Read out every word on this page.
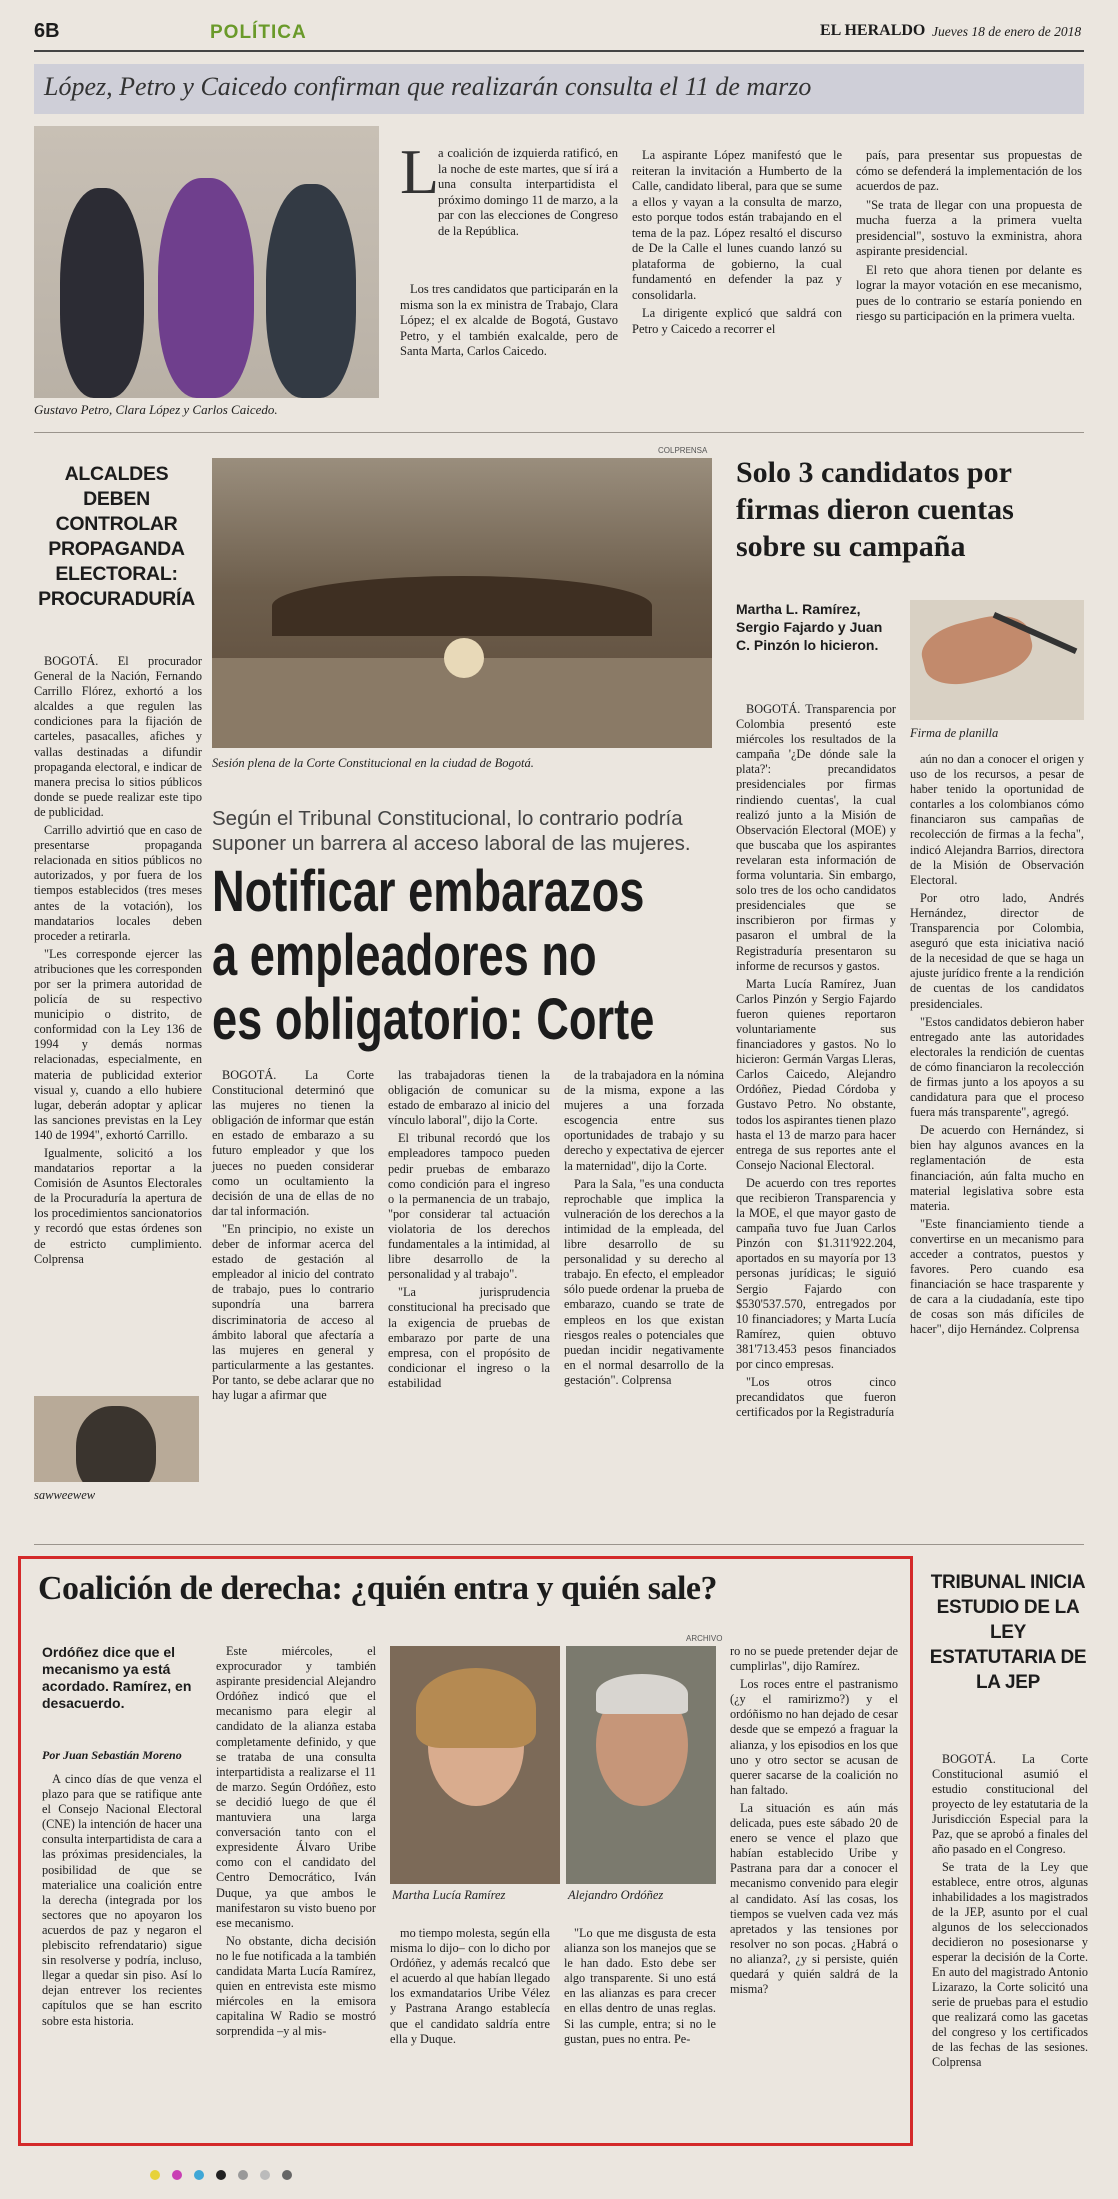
6B	POLÍTICA	EL HERALDO Jueves 18 de enero de 2018
López, Petro y Caicedo confirman que realizarán consulta el 11 de marzo
Gustavo Petro, Clara López y Carlos Caicedo.
L

a coalición de izquierda ratificó, en la noche de este martes, que sí irá a una consulta interpartidista el próximo domingo 11 de marzo, a la par con las elecciones de Congreso de la República.

Los tres candidatos que participarán en la misma son la ex ministra de Trabajo, Clara López; el ex alcalde de Bogotá, Gustavo Petro, y el también exalcalde, pero de Santa Marta, Carlos Caicedo.

La aspirante López manifestó que le reiteran la invitación a Humberto de la Calle, candidato liberal, para que se sume a ellos y vayan a la consulta de marzo, esto porque todos están trabajando en el tema de la paz. López resaltó el discurso de De la Calle el lunes cuando lanzó su plataforma de gobierno, la cual fundamentó en defender la paz y consolidarla.

La dirigente explicó que saldrá con Petro y Caicedo a recorrer el

país, para presentar sus propuestas de cómo se defenderá la implementación de los acuerdos de paz.

"Se trata de llegar con una propuesta de mucha fuerza a la primera vuelta presidencial", sostuvo la exministra, ahora aspirante presidencial.

El reto que ahora tienen por delante es lograr la mayor votación en ese mecanismo, pues de lo contrario se estaría poniendo en riesgo su participación en la primera vuelta.

ALCALDES DEBEN CONTROLAR PROPAGANDA ELECTORAL: PROCURADURÍA

BOGOTÁ. El procurador General de la Nación, Fernando Carrillo Flórez, exhortó a los alcaldes a que regulen las condiciones para la fijación de carteles, pasacalles, afiches y vallas destinadas a difundir propaganda electoral, e indicar de manera precisa lo sitios públicos donde se puede realizar este tipo de publicidad.

Carrillo advirtió que en caso de presentarse propaganda relacionada en sitios públicos no autorizados, y por fuera de los tiempos establecidos (tres meses antes de la votación), los mandatarios locales deben proceder a retirarla.

"Les corresponde ejercer las atribuciones que les corresponden por ser la primera autoridad de policía de su respectivo municipio o distrito, de conformidad con la Ley 136 de 1994 y demás normas relacionadas, especialmente, en materia de publicidad exterior visual y, cuando a ello hubiere lugar, deberán adoptar y aplicar las sanciones previstas en la Ley 140 de 1994", exhortó Carrillo.

Igualmente, solicitó a los mandatarios reportar a la Comisión de Asuntos Electorales de la Procuraduría la apertura de los procedimientos sancionatorios y recordó que estas órdenes son de estricto cumplimiento. Colprensa

sawweewew
COLPRENSA
Sesión plena de la Corte Constitucional en la ciudad de Bogotá.
Según el Tribunal Constitucional, lo contrario podría suponer un barrera al acceso laboral de las mujeres.
Notificar embarazos
a empleadores no
es obligatorio: Corte

BOGOTÁ. La Corte Constitucional determinó que las mujeres no tienen la obligación de informar que están en estado de embarazo a su futuro empleador y que los jueces no pueden considerar como un ocultamiento la decisión de una de ellas de no dar tal información.

"En principio, no existe un deber de informar acerca del estado de gestación al empleador al inicio del contrato de trabajo, pues lo contrario supondría una barrera discriminatoria de acceso al ámbito laboral que afectaría a las mujeres en general y particularmente a las gestantes. Por tanto, se debe aclarar que no hay lugar a afirmar que

las trabajadoras tienen la obligación de comunicar su estado de embarazo al inicio del vínculo laboral", dijo la Corte.

El tribunal recordó que los empleadores tampoco pueden pedir pruebas de embarazo como condición para el ingreso o la permanencia de un trabajo, "por considerar tal actuación violatoria de los derechos fundamentales a la intimidad, al libre desarrollo de la personalidad y al trabajo".

"La jurisprudencia constitucional ha precisado que la exigencia de pruebas de embarazo por parte de una empresa, con el propósito de condicionar el ingreso o la estabilidad

de la trabajadora en la nómina de la misma, expone a las mujeres a una forzada escogencia entre sus oportunidades de trabajo y su derecho y expectativa de ejercer la maternidad", dijo la Corte.

Para la Sala, "es una conducta reprochable que implica la vulneración de los derechos a la intimidad de la empleada, del libre desarrollo de su personalidad y su derecho al trabajo. En efecto, el empleador sólo puede ordenar la prueba de embarazo, cuando se trate de empleos en los que existan riesgos reales o potenciales que puedan incidir negativamente en el normal desarrollo de la gestación". Colprensa

Solo 3 candidatos por firmas dieron cuentas sobre su campaña
Martha L. Ramírez, Sergio Fajardo y Juan C. Pinzón lo hicieron.
Firma de planilla

BOGOTÁ. Transparencia por Colombia presentó este miércoles los resultados de la campaña '¿De dónde sale la plata?': precandidatos presidenciales por firmas rindiendo cuentas', la cual realizó junto a la Misión de Observación Electoral (MOE) y que buscaba que los aspirantes revelaran esta información de forma voluntaria. Sin embargo, solo tres de los ocho candidatos presidenciales que se inscribieron por firmas y pasaron el umbral de la Registraduría presentaron su informe de recursos y gastos.

Marta Lucía Ramírez, Juan Carlos Pinzón y Sergio Fajardo fueron quienes reportaron voluntariamente sus financiadores y gastos. No lo hicieron: Germán Vargas Lleras, Carlos Caicedo, Alejandro Ordóñez, Piedad Córdoba y Gustavo Petro. No obstante, todos los aspirantes tienen plazo hasta el 13 de marzo para hacer entrega de sus reportes ante el Consejo Nacional Electoral.

De acuerdo con tres reportes que recibieron Transparencia y la MOE, el que mayor gasto de campaña tuvo fue Juan Carlos Pinzón con $1.311'922.204, aportados en su mayoría por 13 personas jurídicas; le siguió Sergio Fajardo con $530'537.570, entregados por 10 financiadores; y Marta Lucía Ramírez, quien obtuvo 381'713.453 pesos financiados por cinco empresas.

"Los otros cinco precandidatos que fueron certificados por la Registraduría

aún no dan a conocer el origen y uso de los recursos, a pesar de haber tenido la oportunidad de contarles a los colombianos cómo financiaron sus campañas de recolección de firmas a la fecha", indicó Alejandra Barrios, directora de la Misión de Observación Electoral.

Por otro lado, Andrés Hernández, director de Transparencia por Colombia, aseguró que esta iniciativa nació de la necesidad de que se haga un ajuste jurídico frente a la rendición de cuentas de los candidatos presidenciales.

"Estos candidatos debieron haber entregado ante las autoridades electorales la rendición de cuentas de cómo financiaron la recolección de firmas junto a los apoyos a su candidatura para que el proceso fuera más transparente", agregó.

De acuerdo con Hernández, si bien hay algunos avances en la reglamentación de esta financiación, aún falta mucho en material legislativa sobre esta materia.

"Este financiamiento tiende a convertirse en un mecanismo para acceder a contratos, puestos y favores. Pero cuando esa financiación se hace trasparente y de cara a la ciudadanía, este tipo de cosas son más difíciles de hacer", dijo Hernández. Colprensa

Coalición de derecha: ¿quién entra y quién sale?
Ordóñez dice que el mecanismo ya está acordado. Ramírez, en desacuerdo.
Por Juan Sebastián Moreno

A cinco días de que venza el plazo para que se ratifique ante el Consejo Nacional Electoral (CNE) la intención de hacer una consulta interpartidista de cara a las próximas presidenciales, la posibilidad de que se materialice una coalición entre la derecha (integrada por los sectores que no apoyaron los acuerdos de paz y negaron el plebiscito refrendatario) sigue sin resolverse y podría, incluso, llegar a quedar sin piso. Así lo dejan entrever los recientes capítulos que se han escrito sobre esta historia.

Este miércoles, el exprocurador y también aspirante presidencial Alejandro Ordóñez indicó que el mecanismo para elegir al candidato de la alianza estaba completamente definido, y que se trataba de una consulta interpartidista a realizarse el 11 de marzo. Según Ordóñez, esto se decidió luego de que él mantuviera una larga conversación tanto con el expresidente Álvaro Uribe como con el candidato del Centro Democrático, Iván Duque, ya que ambos le manifestaron su visto bueno por ese mecanismo.

No obstante, dicha decisión no le fue notificada a la también candidata Marta Lucía Ramírez, quien en entrevista este mismo miércoles en la emisora capitalina W Radio se mostró sorprendida –y al mis-

ARCHIVO
Martha Lucía Ramírez	Alejandro Ordóñez

mo tiempo molesta, según ella misma lo dijo– con lo dicho por Ordóñez, y además recalcó que el acuerdo al que habían llegado los exmandatarios Uribe Vélez y Pastrana Arango establecía que el candidato saldría entre ella y Duque.

"Lo que me disgusta de esta alianza son los manejos que se le han dado. Esto debe ser algo transparente. Si uno está en las alianzas es para crecer en ellas dentro de unas reglas. Si las cumple, entra; si no le gustan, pues no entra. Pe-

ro no se puede pretender dejar de cumplirlas", dijo Ramírez.

Los roces entre el pastranismo (¿y el ramirizmo?) y el ordóñismo no han dejado de cesar desde que se empezó a fraguar la alianza, y los episodios en los que uno y otro sector se acusan de querer sacarse de la coalición no han faltado.

La situación es aún más delicada, pues este sábado 20 de enero se vence el plazo que habían establecido Uribe y Pastrana para dar a conocer el mecanismo convenido para elegir al candidato. Así las cosas, los tiempos se vuelven cada vez más apretados y las tensiones por resolver no son pocas. ¿Habrá o no alianza?, ¿y si persiste, quién quedará y quién saldrá de la misma?

TRIBUNAL INICIA ESTUDIO DE LA LEY ESTATUTARIA DE LA JEP

BOGOTÁ. La Corte Constitucional asumió el estudio constitucional del proyecto de ley estatutaria de la Jurisdicción Especial para la Paz, que se aprobó a finales del año pasado en el Congreso.

Se trata de la Ley que establece, entre otros, algunas inhabilidades a los magistrados de la JEP, asunto por el cual algunos de los seleccionados decidieron no posesionarse y esperar la decisión de la Corte. En auto del magistrado Antonio Lizarazo, la Corte solicitó una serie de pruebas para el estudio que realizará como las gacetas del congreso y los certificados de las fechas de las sesiones. Colprensa
